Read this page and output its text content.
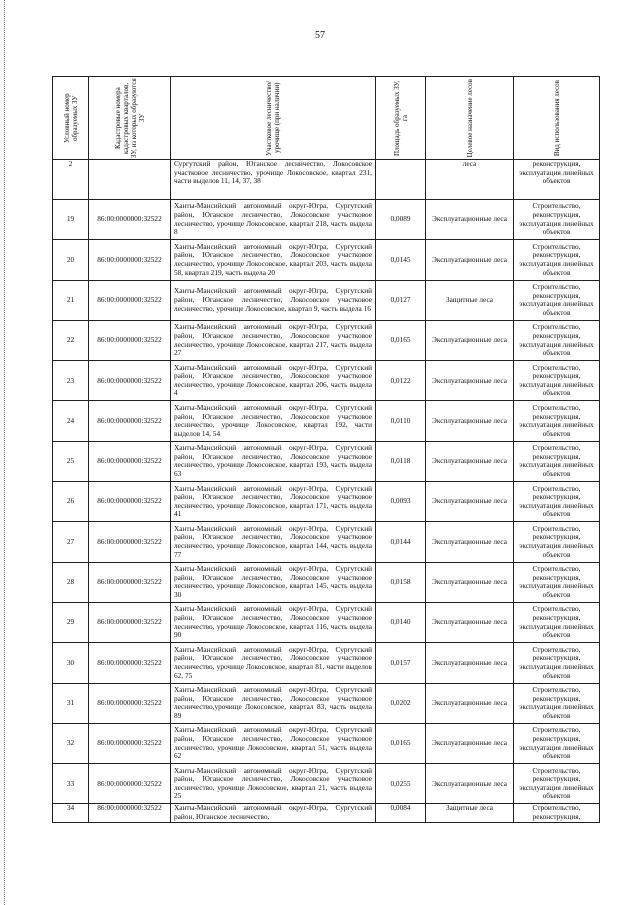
57
Условный номер образуемых ЗУ	Кадастровые номера кадастровых кварталов, ЗУ, из которых образуются ЗУ	Участковое лесничество/урочище (при наличии)	Площадь образуемых ЗУ, га	Целевое назначение лесов	Вид использования лесов

2		Сургутский район, Юганское лесничество, Локосовское участковое лесничество, урочище Локосовское, квартал 231, части выделов 11, 14, 37, 38		леса	реконструкция, эксплуатация линейных объектов
19	86:00:0000000:32522	Ханты-Мансийский автономный округ-Югра, Сургутский район, Юганское лесничество, Локосовское участковое лесничество, урочище Локосовское, квартал 218, часть выдела 8	0,0089	Эксплуатационные леса	Строительство, реконструкция, эксплуатация линейных объектов
20	86:00:0000000:32522	Ханты-Мансийский автономный округ-Югра, Сургутский район, Юганское лесничество, Локосовское участковое лесничество, урочище Локосовское, квартал 203, часть выдела 58, квартал 219, часть выдела 20	0,0145	Эксплуатационные леса	Строительство, реконструкция, эксплуатация линейных объектов
21	86:00:0000000:32522	Ханты-Мансийский автономный округ-Югра, Сургутский район, Юганское лесничество, Локосовское участковое лесничество, урочище Локосовское, квартал 9, часть выдела 16	0,0127	Защитные леса	Строительство, реконструкция, эксплуатация линейных объектов
22	86:00:0000000:32522	Ханты-Мансийский автономный округ-Югра, Сургутский район, Юганское лесничество, Локосовское участковое лесничество, урочище Локосовское, квартал 217, часть выдела 27	0,0165	Эксплуатационные леса	Строительство, реконструкция, эксплуатация линейных объектов
23	86:00:0000000:32522	Ханты-Мансийский автономный округ-Югра, Сургутский район, Юганское лесничество, Локосовское участковое лесничество, урочище Локосовское, квартал 206, часть выдела 4	0,0122	Эксплуатационные леса	Строительство, реконструкция, эксплуатация линейных объектов
24	86:00:0000000:32522	Ханты-Мансийский автономный округ-Югра, Сургутский район, Юганское лесничество, Локосовское участковое лесничество, урочище Локосовское, квартал 192, части выделов 14, 54	0,0110	Эксплуатационные леса	Строительство, реконструкция, эксплуатация линейных объектов
25	86:00:0000000:32522	Ханты-Мансийский автономный округ-Югра, Сургутский район, Юганское лесничество, Локосовское участковое лесничество, урочище Локосовское, квартал 193, часть выдела 63	0,0118	Эксплуатационные леса	Строительство, реконструкция, эксплуатация линейных объектов
26	86:00:0000000:32522	Ханты-Мансийский автономный округ-Югра, Сургутский район, Юганское лесничество, Локосовское участковое лесничество, урочище Локосовское, квартал 171, часть выдела 41	0,0093	Эксплуатационные леса	Строительство, реконструкция, эксплуатация линейных объектов
27	86:00:0000000:32522	Ханты-Мансийский автономный округ-Югра, Сургутский район, Юганское лесничество, Локосовское участковое лесничество, урочище Локосовское, квартал 144, часть выдела 77	0,0144	Эксплуатационные леса	Строительство, реконструкция, эксплуатация линейных объектов
28	86:00:0000000:32522	Ханты-Мансийский автономный округ-Югра, Сургутский район, Юганское лесничество, Локосовское участковое лесничество, урочище Локосовское, квартал 145, часть выдела 30	0,0158	Эксплуатационные леса	Строительство, реконструкция, эксплуатация линейных объектов
29	86:00:0000000:32522	Ханты-Мансийский автономный округ-Югра, Сургутский район, Юганское лесничество, Локосовское участковое лесничество, урочище Локосовское, квартал 116, часть выдела 90	0,0140	Эксплуатационные леса	Строительство, реконструкция, эксплуатация линейных объектов
30	86:00:0000000:32522	Ханты-Мансийский автономный округ-Югра, Сургутский район, Юганское лесничество, Локосовское участковое лесничество, урочище Локосовское, квартал 81, части выделов 62, 75	0,0157	Эксплуатационные леса	Строительство, реконструкция, эксплуатация линейных объектов
31	86:00:0000000:32522	Ханты-Мансийский автономный округ-Югра, Сургутский район, Юганское лесничество, Локосовское участковое лесничество,урочище Локосовское, квартал 83, часть выдела 89	0,0202	Эксплуатационные леса	Строительство, реконструкция, эксплуатация линейных объектов
32	86:00:0000000:32522	Ханты-Мансийский автономный округ-Югра, Сургутский район, Юганское лесничество, Локосовское участковое лесничество, урочище Локосовское, квартал 51, часть выдела 62	0,0165	Эксплуатационные леса	Строительство, реконструкция, эксплуатация линейных объектов
33	86:00:0000000:32522	Ханты-Мансийский автономный округ-Югра, Сургутский район, Юганское лесничество, Локосовское участковое лесничество, урочище Локосовское, квартал 21, часть выдела 25	0,0255	Эксплуатационные леса	Строительство, реконструкция, эксплуатация линейных объектов
34	86:00:0000000:32522	Ханты-Мансийский автономный округ-Югра, Сургутский район, Юганское лесничество,	0,0084	Защитные леса	Строительство, реконструкция,
